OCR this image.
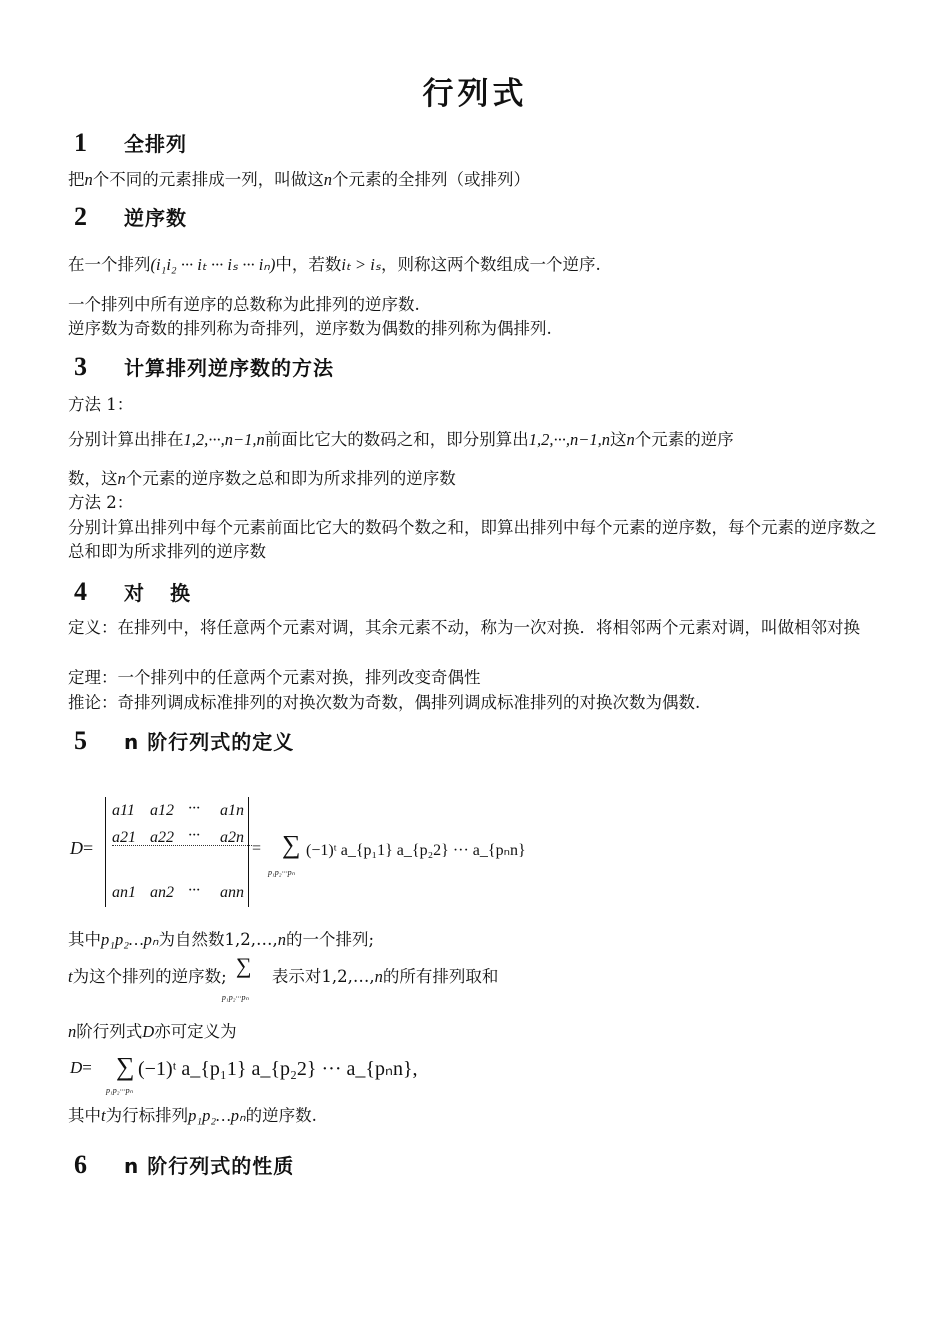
行列式
1	全排列
把n个不同的元素排成一列，叫做这n个元素的全排列（或排列）
2	逆序数
在一个排列(i₁i₂ ··· iₜ ··· iₛ ··· iₙ)中，若数iₜ > iₛ，则称这两个数组成一个逆序.
一个排列中所有逆序的总数称为此排列的逆序数.
逆序数为奇数的排列称为奇排列，逆序数为偶数的排列称为偶排列.
3	计算排列逆序数的方法
方法 1：
分别计算出排在1,2,···,n−1,n前面比它大的数码之和，即分别算出1,2,···,n−1,n这n个元素的逆序
数，这n个元素的逆序数之总和即为所求排列的逆序数
方法 2：
分别计算出排列中每个元素前面比它大的数码个数之和，即算出排列中每个元素的逆序数，每个元素的逆序数之总和即为所求排列的逆序数
4	对　换
定义：在排列中，将任意两个元素对调，其余元素不动，称为一次对换．将相邻两个元素对调，叫做相邻对换
定理：一个排列中的任意两个元素对换，排列改变奇偶性
推论：奇排列调成标准排列的对换次数为奇数，偶排列调成标准排列的对换次数为偶数.
5	n 阶行列式的定义
D=
a11 a12 ··· a1n
a21 a22 ··· a2n
an1 an2 ··· ann
= ∑
p₁p₂···pₙ
(−1)ᵗ a_{p₁1} a_{p₂2} ··· a_{pₙn}
其中p₁p₂…pₙ为自然数1,2,…,n的一个排列;
t为这个排列的逆序数; ∑
p₁p₂···pₙ
表示对1,2,…,n的所有排列取和
n阶行列式D亦可定义为
D= ∑
p₁p₂···pₙ
(−1)ᵗ a_{p₁1} a_{p₂2} ··· a_{pₙn},
其中t为行标排列p₁p₂…pₙ的逆序数.
6	n 阶行列式的性质
